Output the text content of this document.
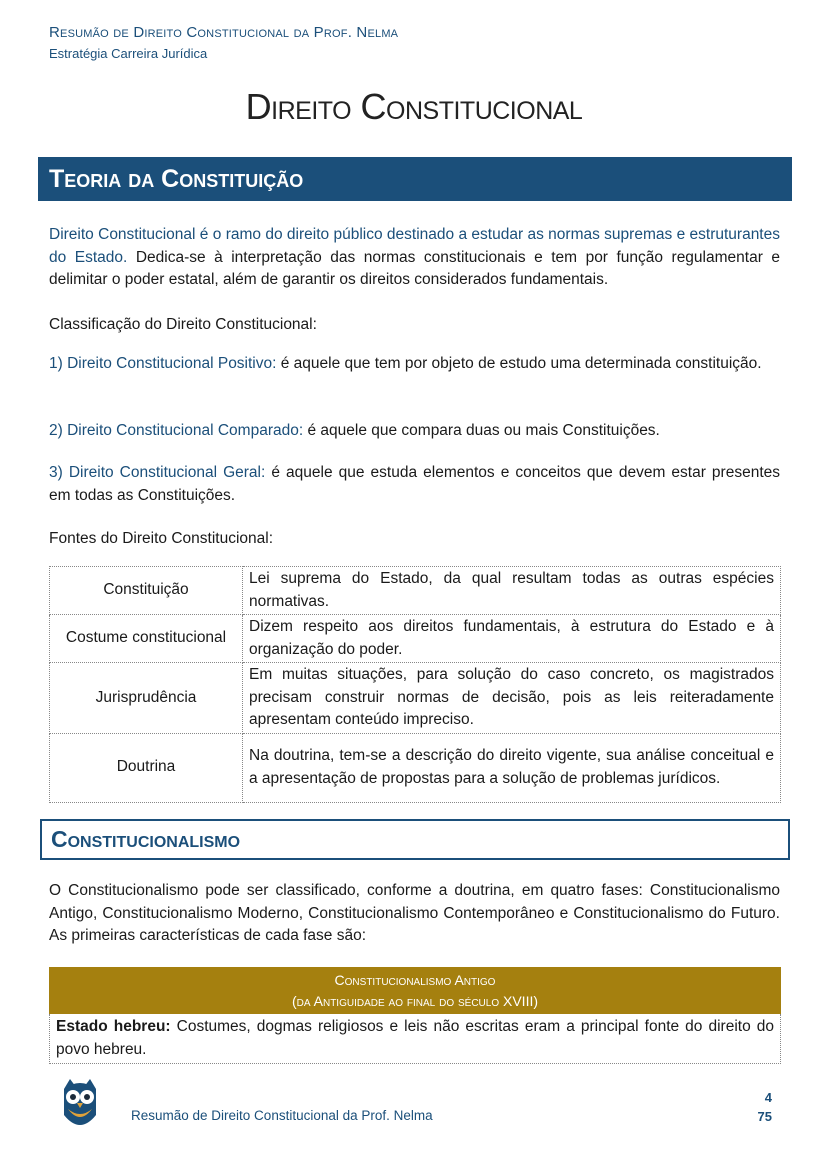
Resumão de Direito Constitucional da Prof. Nelma
Estratégia Carreira Jurídica
Direito Constitucional
Teoria da Constituição
Direito Constitucional é o ramo do direito público destinado a estudar as normas supremas e estruturantes do Estado. Dedica-se à interpretação das normas constitucionais e tem por função regulamentar e delimitar o poder estatal, além de garantir os direitos considerados fundamentais.
Classificação do Direito Constitucional:
1) Direito Constitucional Positivo: é aquele que tem por objeto de estudo uma determinada constituição.
2) Direito Constitucional Comparado: é aquele que compara duas ou mais Constituições.
3) Direito Constitucional Geral: é aquele que estuda elementos e conceitos que devem estar presentes em todas as Constituições.
Fontes do Direito Constitucional:
Constituição	Lei suprema do Estado, da qual resultam todas as outras espécies normativas.
Costume constitucional	Dizem respeito aos direitos fundamentais, à estrutura do Estado e à organização do poder.
Jurisprudência	Em muitas situações, para solução do caso concreto, os magistrados precisam construir normas de decisão, pois as leis reiteradamente apresentam conteúdo impreciso.
Doutrina	Na doutrina, tem-se a descrição do direito vigente, sua análise conceitual e a apresentação de propostas para a solução de problemas jurídicos.
Constitucionalismo
O Constitucionalismo pode ser classificado, conforme a doutrina, em quatro fases: Constitucionalismo Antigo, Constitucionalismo Moderno, Constitucionalismo Contemporâneo e Constitucionalismo do Futuro. As primeiras características de cada fase são:
Constitucionalismo Antigo
(da Antiguidade ao final do século XVIII)
Estado hebreu: Costumes, dogmas religiosos e leis não escritas eram a principal fonte do direito do povo hebreu.
Resumão de Direito Constitucional da Prof. Nelma
4
75
